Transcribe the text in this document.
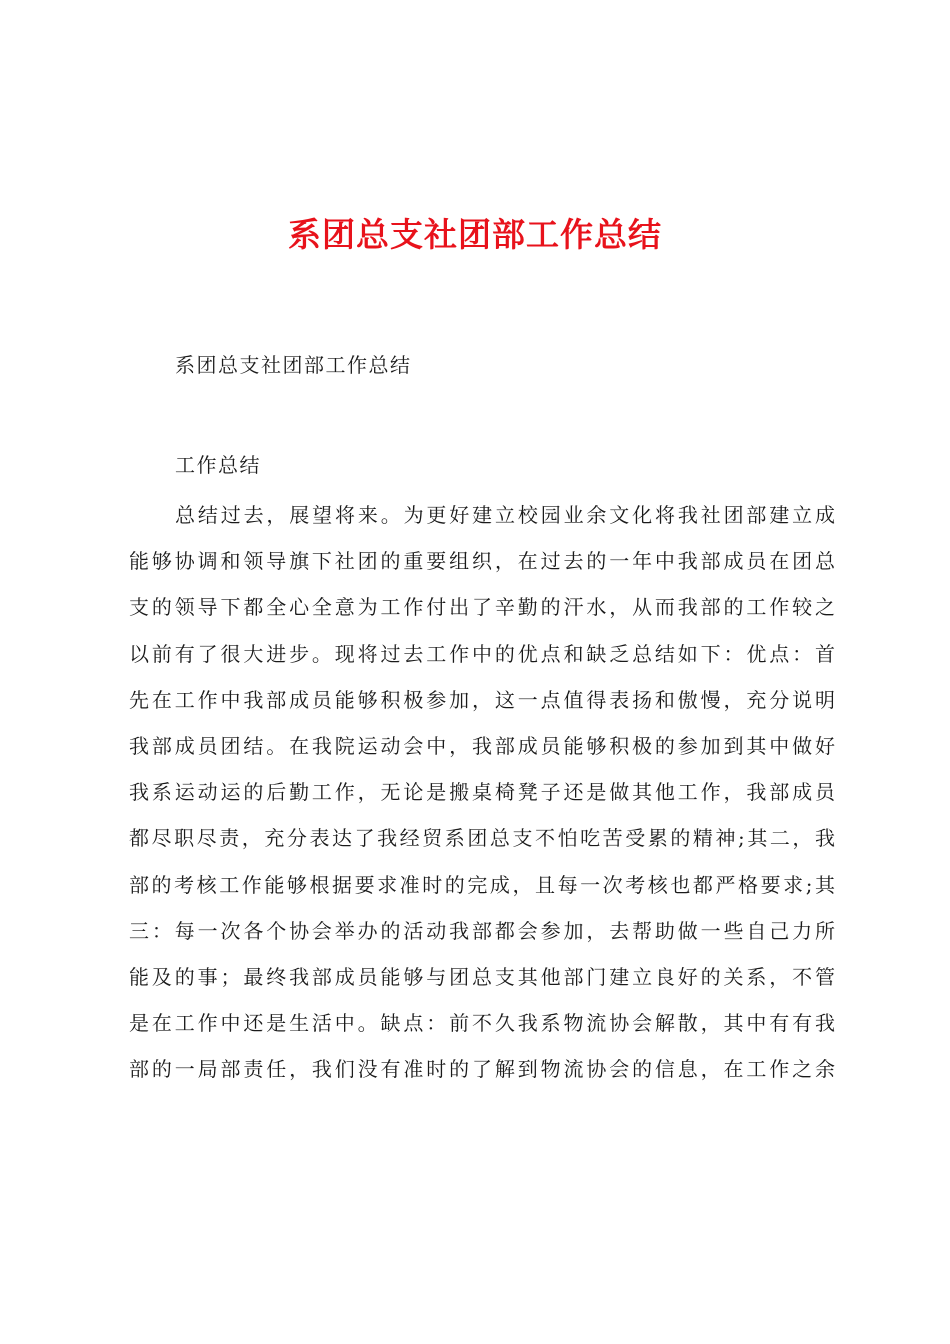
系团总支社团部工作总结
系团总支社团部工作总结
工作总结
总结过去，展望将来。为更好建立校园业余文化将我社团部建立成
能够协调和领导旗下社团的重要组织，在过去的一年中我部成员在团总
支的领导下都全心全意为工作付出了辛勤的汗水，从而我部的工作较之
以前有了很大进步。现将过去工作中的优点和缺乏总结如下：优点：首
先在工作中我部成员能够积极参加，这一点值得表扬和傲慢，充分说明
我部成员团结。在我院运动会中，我部成员能够积极的参加到其中做好
我系运动运的后勤工作，无论是搬桌椅凳子还是做其他工作，我部成员
都尽职尽责，充分表达了我经贸系团总支不怕吃苦受累的精神;其二，我
部的考核工作能够根据要求准时的完成，且每一次考核也都严格要求;其
三：每一次各个协会举办的活动我部都会参加，去帮助做一些自己力所
能及的事；最终我部成员能够与团总支其他部门建立良好的关系，不管
是在工作中还是生活中。缺点：前不久我系物流协会解散，其中有有我
部的一局部责任，我们没有准时的了解到物流协会的信息，在工作之余
